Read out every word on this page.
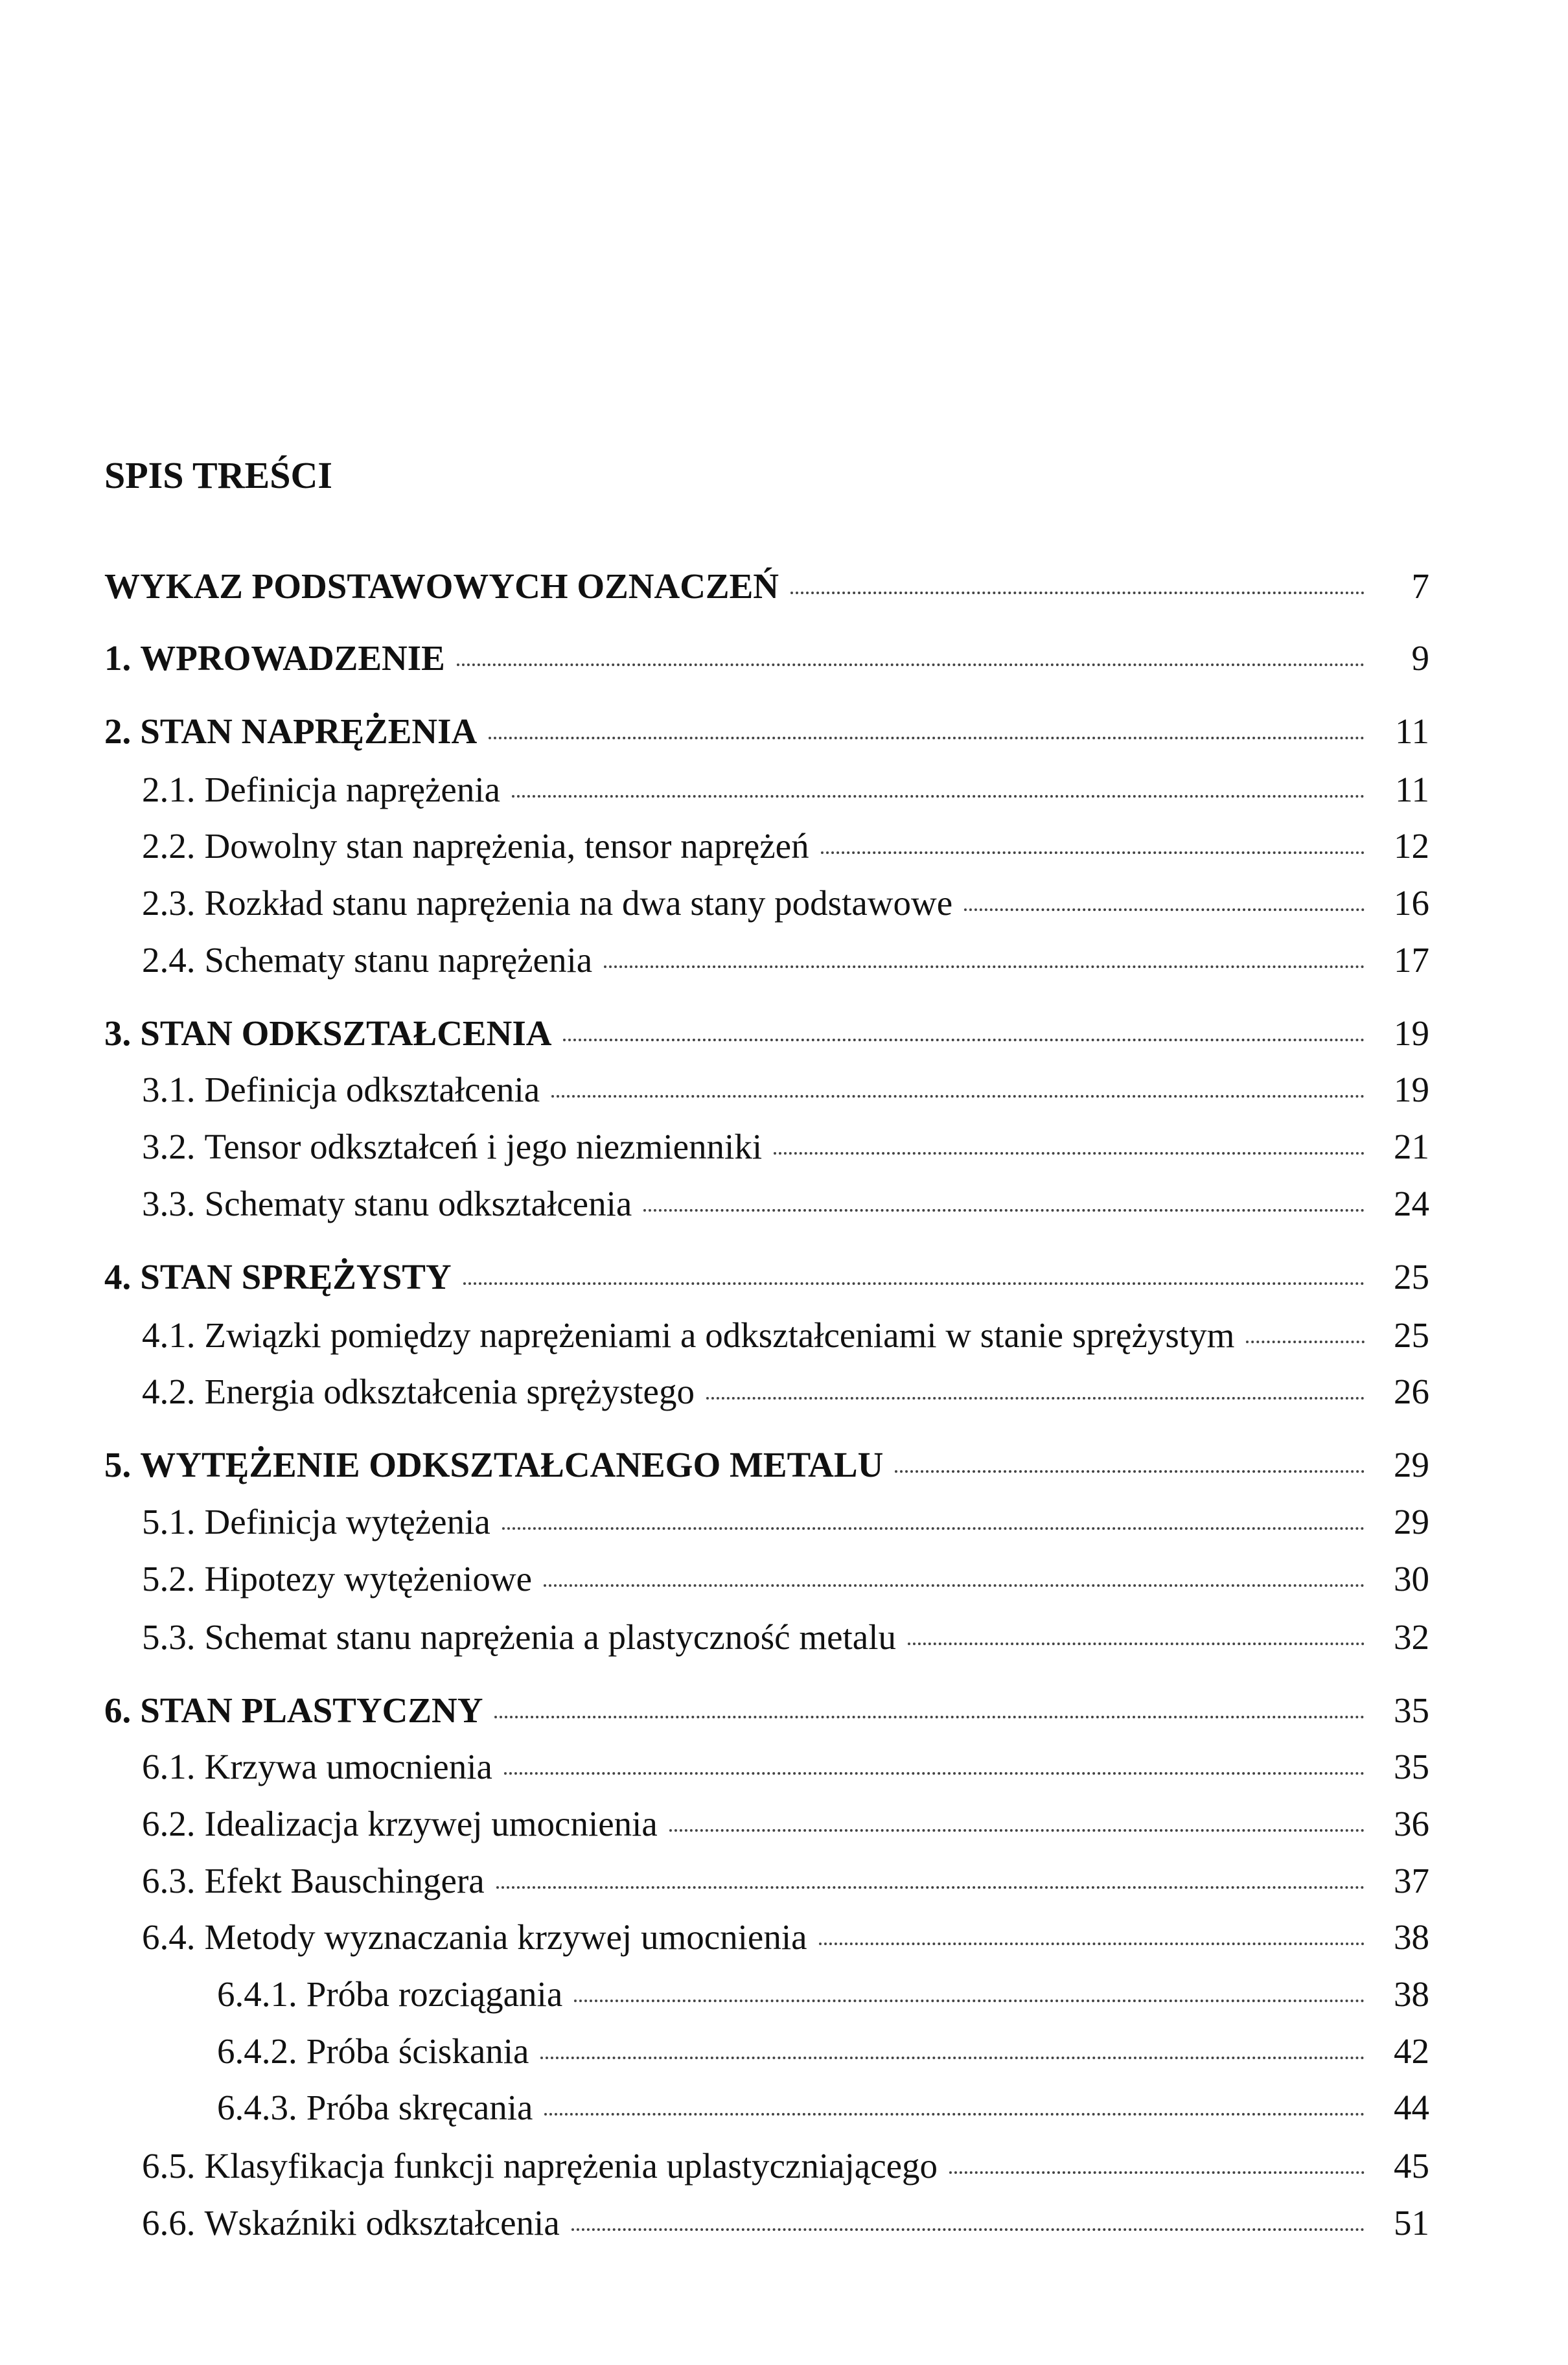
SPIS TREŚCI
WYKAZ PODSTAWOWYCH OZNACZEŃ	7
1. WPROWADZENIE	9
2. STAN NAPRĘŻENIA	11
2.1. Definicja naprężenia	11
2.2. Dowolny stan naprężenia, tensor naprężeń	12
2.3. Rozkład stanu naprężenia na dwa stany podstawowe	16
2.4. Schematy stanu naprężenia	17
3. STAN ODKSZTAŁCENIA	19
3.1. Definicja odkształcenia	19
3.2. Tensor odkształceń i jego niezmienniki	21
3.3. Schematy stanu odkształcenia	24
4. STAN SPRĘŻYSTY	25
4.1. Związki pomiędzy naprężeniami a odkształceniami w stanie sprężystym	25
4.2. Energia odkształcenia sprężystego	26
5. WYTĘŻENIE ODKSZTAŁCANEGO METALU	29
5.1. Definicja wytężenia	29
5.2. Hipotezy wytężeniowe	30
5.3. Schemat stanu naprężenia a plastyczność metalu	32
6. STAN PLASTYCZNY	35
6.1. Krzywa umocnienia	35
6.2. Idealizacja krzywej umocnienia	36
6.3. Efekt Bauschingera	37
6.4. Metody wyznaczania krzywej umocnienia	38
6.4.1. Próba rozciągania	38
6.4.2. Próba ściskania	42
6.4.3. Próba skręcania	44
6.5. Klasyfikacja funkcji naprężenia uplastyczniającego	45
6.6. Wskaźniki odkształcenia	51
